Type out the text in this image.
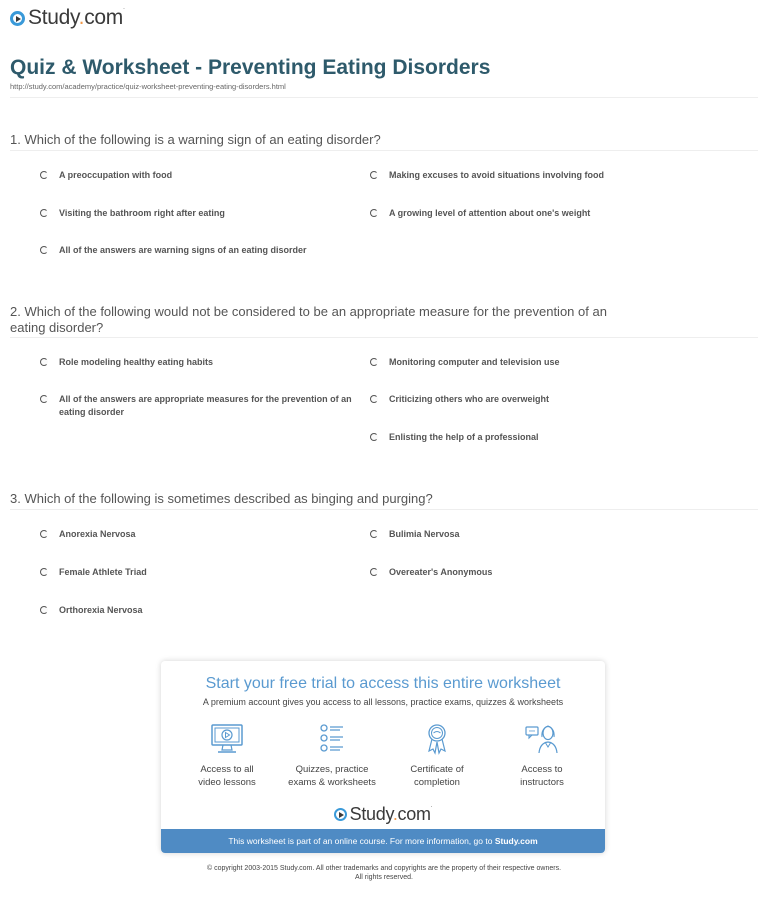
Study.com·
Quiz & Worksheet - Preventing Eating Disorders
http://study.com/academy/practice/quiz-worksheet-preventing-eating-disorders.html
1. Which of the following is a warning sign of an eating disorder?
A preoccupation with food	Making excuses to avoid situations involving food
Visiting the bathroom right after eating	A growing level of attention about one's weight
All of the answers are warning signs of an eating disorder
2. Which of the following would not be considered to be an appropriate measure for the prevention of an eating disorder?
Role modeling healthy eating habits	Monitoring computer and television use
All of the answers are appropriate measures for the prevention of an eating disorder
Criticizing others who are overweight
Enlisting the help of a professional
3. Which of the following is sometimes described as binging and purging?
Anorexia Nervosa	Bulimia Nervosa
Female Athlete Triad	Overeater's Anonymous
Orthorexia Nervosa
Start your free trial to access this entire worksheet
A premium account gives you access to all lessons, practice exams, quizzes & worksheets
Access to all
video lessons
Quizzes, practice
exams & worksheets
Certificate of
completion
Access to
instructors
Study.com·
This worksheet is part of an online course. For more information, go to Study.com
© copyright 2003-2015 Study.com. All other trademarks and copyrights are the property of their respective owners.
All rights reserved.
